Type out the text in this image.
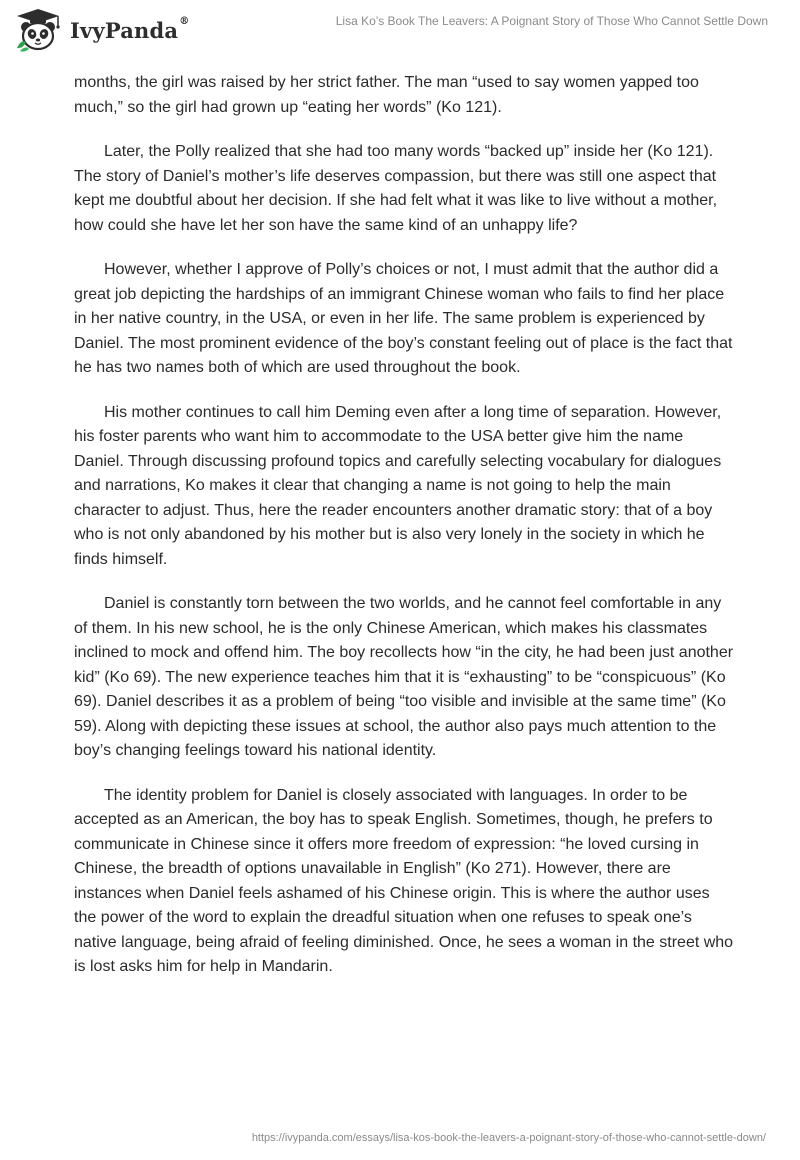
IvyPanda®	Lisa Ko’s Book The Leavers: A Poignant Story of Those Who Cannot Settle Down

months, the girl was raised by her strict father. The man “used to say women yapped too much,” so the girl had grown up “eating her words” (Ko 121).

Later, the Polly realized that she had too many words “backed up” inside her (Ko 121). The story of Daniel’s mother’s life deserves compassion, but there was still one aspect that kept me doubtful about her decision. If she had felt what it was like to live without a mother, how could she have let her son have the same kind of an unhappy life?

However, whether I approve of Polly’s choices or not, I must admit that the author did a great job depicting the hardships of an immigrant Chinese woman who fails to find her place in her native country, in the USA, or even in her life. The same problem is experienced by Daniel. The most prominent evidence of the boy’s constant feeling out of place is the fact that he has two names both of which are used throughout the book.

His mother continues to call him Deming even after a long time of separation. However, his foster parents who want him to accommodate to the USA better give him the name Daniel. Through discussing profound topics and carefully selecting vocabulary for dialogues and narrations, Ko makes it clear that changing a name is not going to help the main character to adjust. Thus, here the reader encounters another dramatic story: that of a boy who is not only abandoned by his mother but is also very lonely in the society in which he finds himself.

Daniel is constantly torn between the two worlds, and he cannot feel comfortable in any of them. In his new school, he is the only Chinese American, which makes his classmates inclined to mock and offend him. The boy recollects how “in the city, he had been just another kid” (Ko 69). The new experience teaches him that it is “exhausting” to be “conspicuous” (Ko 69). Daniel describes it as a problem of being “too visible and invisible at the same time” (Ko 59). Along with depicting these issues at school, the author also pays much attention to the boy’s changing feelings toward his national identity.

The identity problem for Daniel is closely associated with languages. In order to be accepted as an American, the boy has to speak English. Sometimes, though, he prefers to communicate in Chinese since it offers more freedom of expression: “he loved cursing in Chinese, the breadth of options unavailable in English” (Ko 271). However, there are instances when Daniel feels ashamed of his Chinese origin. This is where the author uses the power of the word to explain the dreadful situation when one refuses to speak one’s native language, being afraid of feeling diminished. Once, he sees a woman in the street who is lost asks him for help in Mandarin.

https://ivypanda.com/essays/lisa-kos-book-the-leavers-a-poignant-story-of-those-who-cannot-settle-down/
